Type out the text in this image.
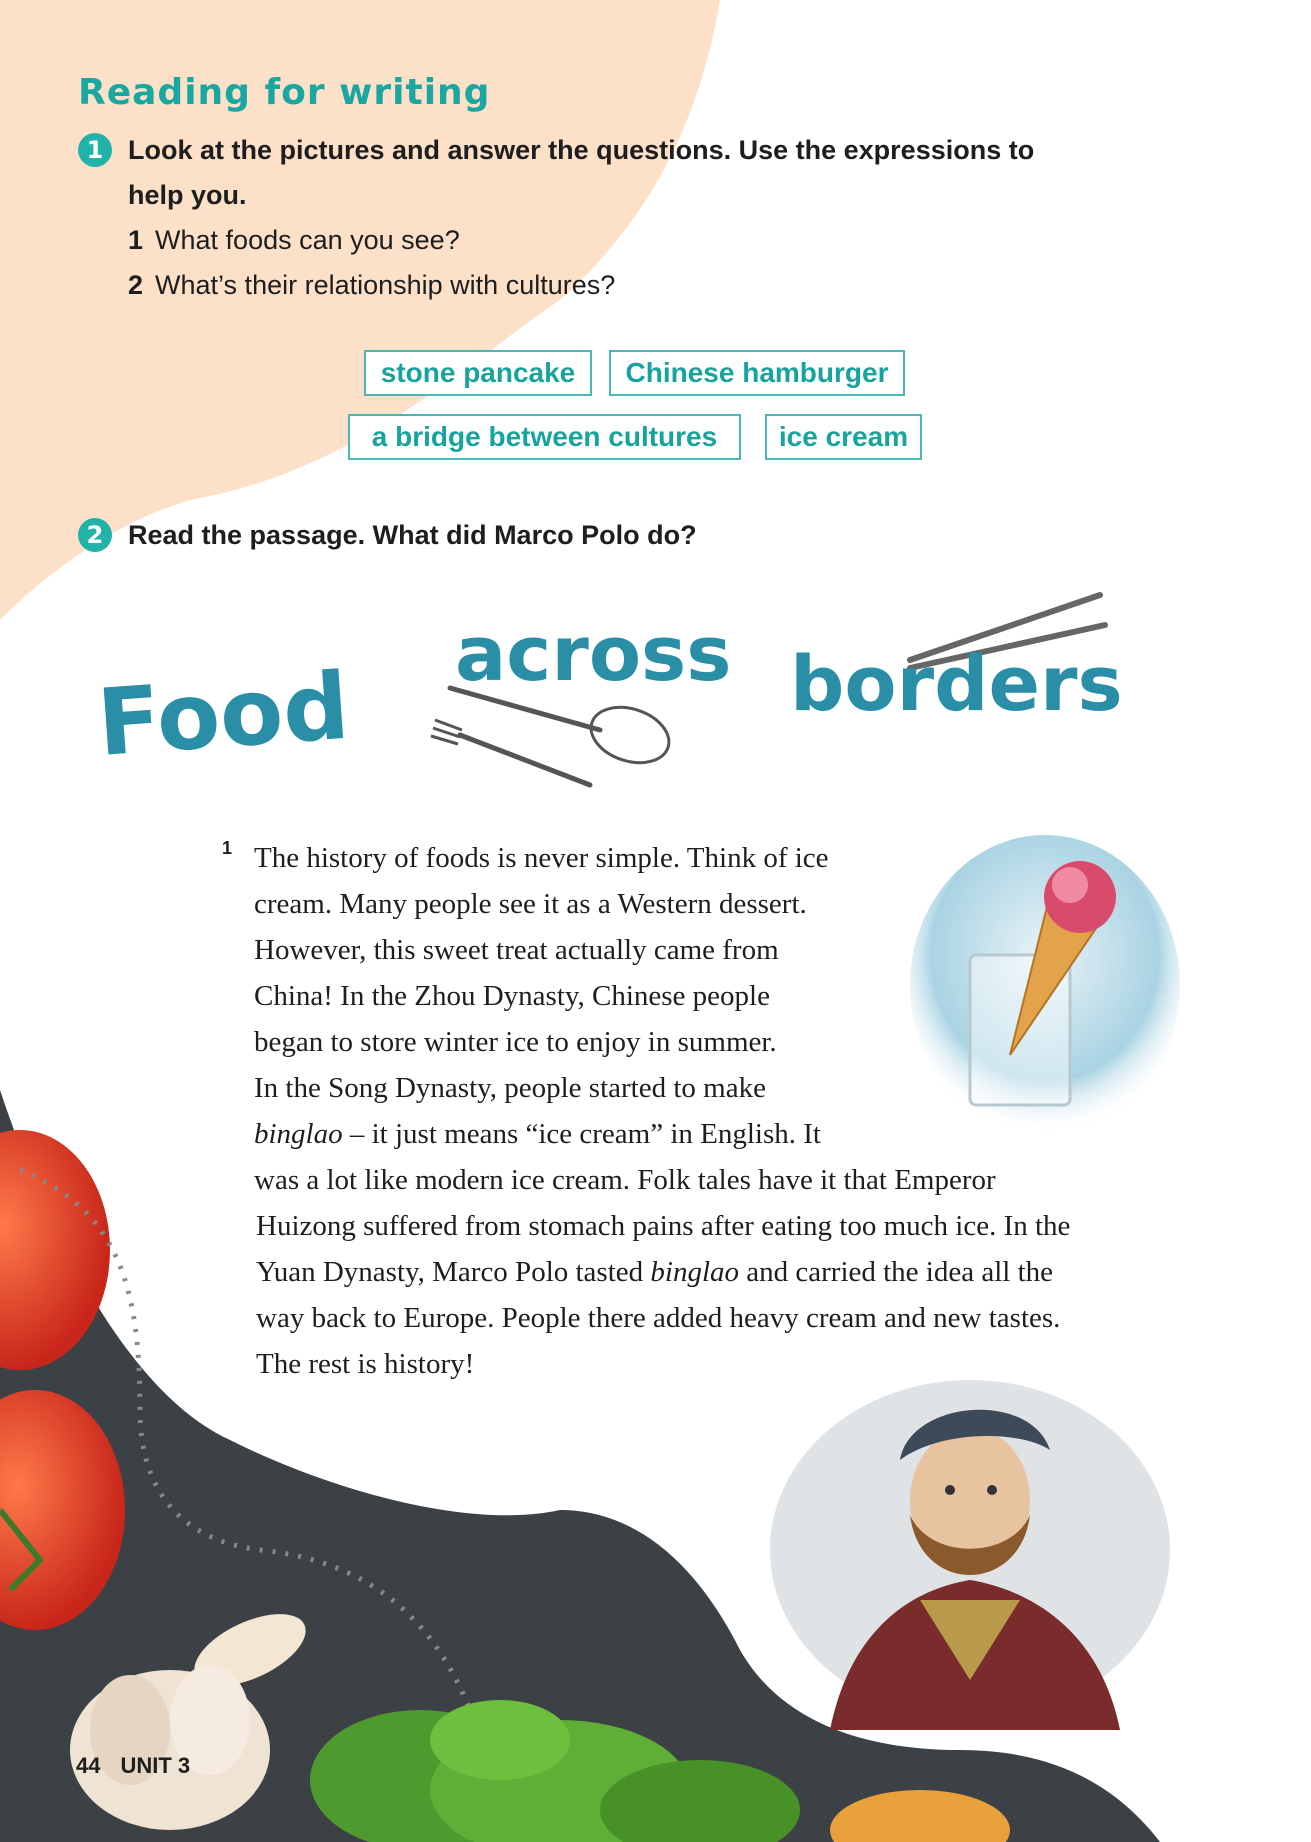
Reading for writing
1 Look at the pictures and answer the questions. Use the expressions to
help you.
1 What foods can you see?
2 What’s their relationship with cultures?
stone pancake	Chinese hamburger
a bridge between cultures	ice cream
2 Read the passage. What did Marco Polo do?
Food across borders
1 The history of foods is never simple. Think of ice
cream. Many people see it as a Western dessert.
However, this sweet treat actually came from
China! In the Zhou Dynasty, Chinese people
began to store winter ice to enjoy in summer.
In the Song Dynasty, people started to make
binglao – it just means “ice cream” in English. It
was a lot like modern ice cream. Folk tales have it that Emperor
Huizong suffered from stomach pains after eating too much ice. In the
Yuan Dynasty, Marco Polo tasted binglao and carried the idea all the
way back to Europe. People there added heavy cream and new tastes.
The rest is history!
44 UNIT 3
